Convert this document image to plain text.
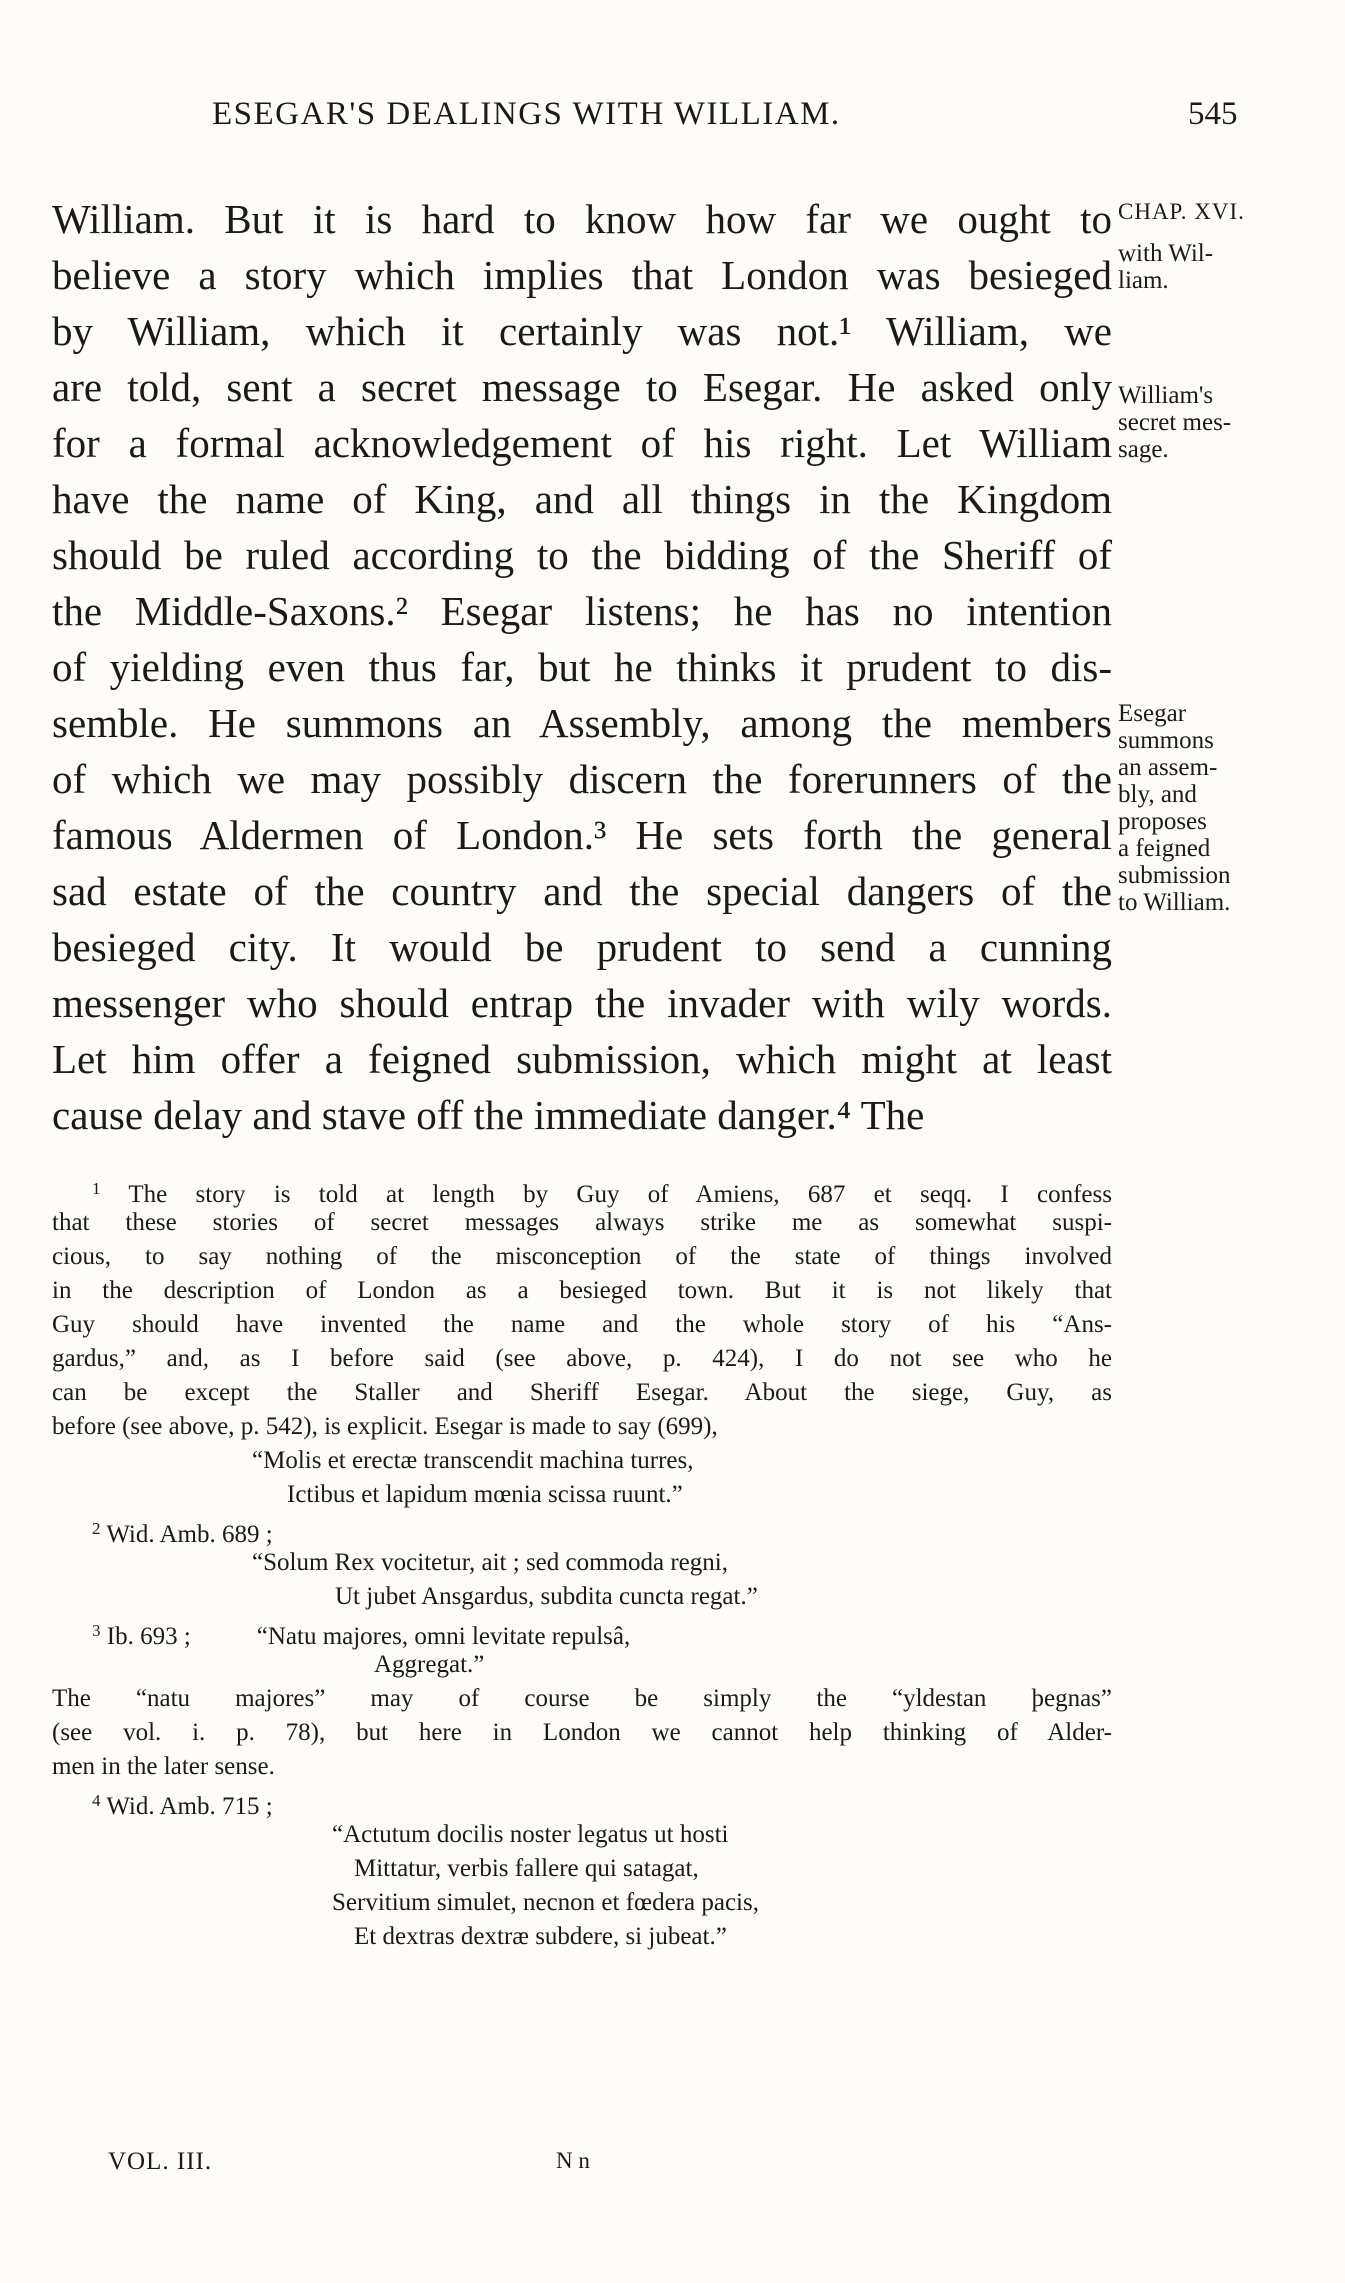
ESEGAR'S DEALINGS WITH WILLIAM.	545
William. But it is hard to know how far we ought to
believe a story which implies that London was besieged
by William, which it certainly was not.¹ William, we
are told, sent a secret message to Esegar. He asked only
for a formal acknowledgement of his right. Let William
have the name of King, and all things in the Kingdom
should be ruled according to the bidding of the Sheriff of
the Middle-Saxons.² Esegar listens; he has no intention
of yielding even thus far, but he thinks it prudent to dis-
semble. He summons an Assembly, among the members
of which we may possibly discern the forerunners of the
famous Aldermen of London.³ He sets forth the general
sad estate of the country and the special dangers of the
besieged city. It would be prudent to send a cunning
messenger who should entrap the invader with wily words.
Let him offer a feigned submission, which might at least
cause delay and stave off the immediate danger.⁴ The
CHAP. XVI.
with Wil-
liam.
William's
secret mes-
sage.
Esegar
summons
an assem-
bly, and
proposes
a feigned
submission
to William.
$^1$ The story is told at length by Guy of Amiens, 687 et seqq. I confess
that these stories of secret messages always strike me as somewhat suspi-
cious, to say nothing of the misconception of the state of things involved
in the description of London as a besieged town. But it is not likely that
Guy should have invented the name and the whole story of his “Ans-
gardus,” and, as I before said (see above, p. 424), I do not see who he
can be except the Staller and Sheriff Esegar. About the siege, Guy, as
before (see above, p. 542), is explicit. Esegar is made to say (699),
“Molis et erectæ transcendit machina turres,
Ictibus et lapidum mœnia scissa ruunt.”
$^2$ Wid. Amb. 689 ;
“Solum Rex vocitetur, ait ; sed commoda regni,
Ut jubet Ansgardus, subdita cuncta regat.”
$^3$ Ib. 693 ;	“Natu majores, omni levitate repulsâ,
Aggregat.”
The “natu majores” may of course be simply the “yldestan þegnas”
(see vol. i. p. 78), but here in London we cannot help thinking of Alder-
men in the later sense.
$^4$ Wid. Amb. 715 ;
“Actutum docilis noster legatus ut hosti
Mittatur, verbis fallere qui satagat,
Servitium simulet, necnon et fœdera pacis,
Et dextras dextræ subdere, si jubeat.”
VOL. III.	N n
